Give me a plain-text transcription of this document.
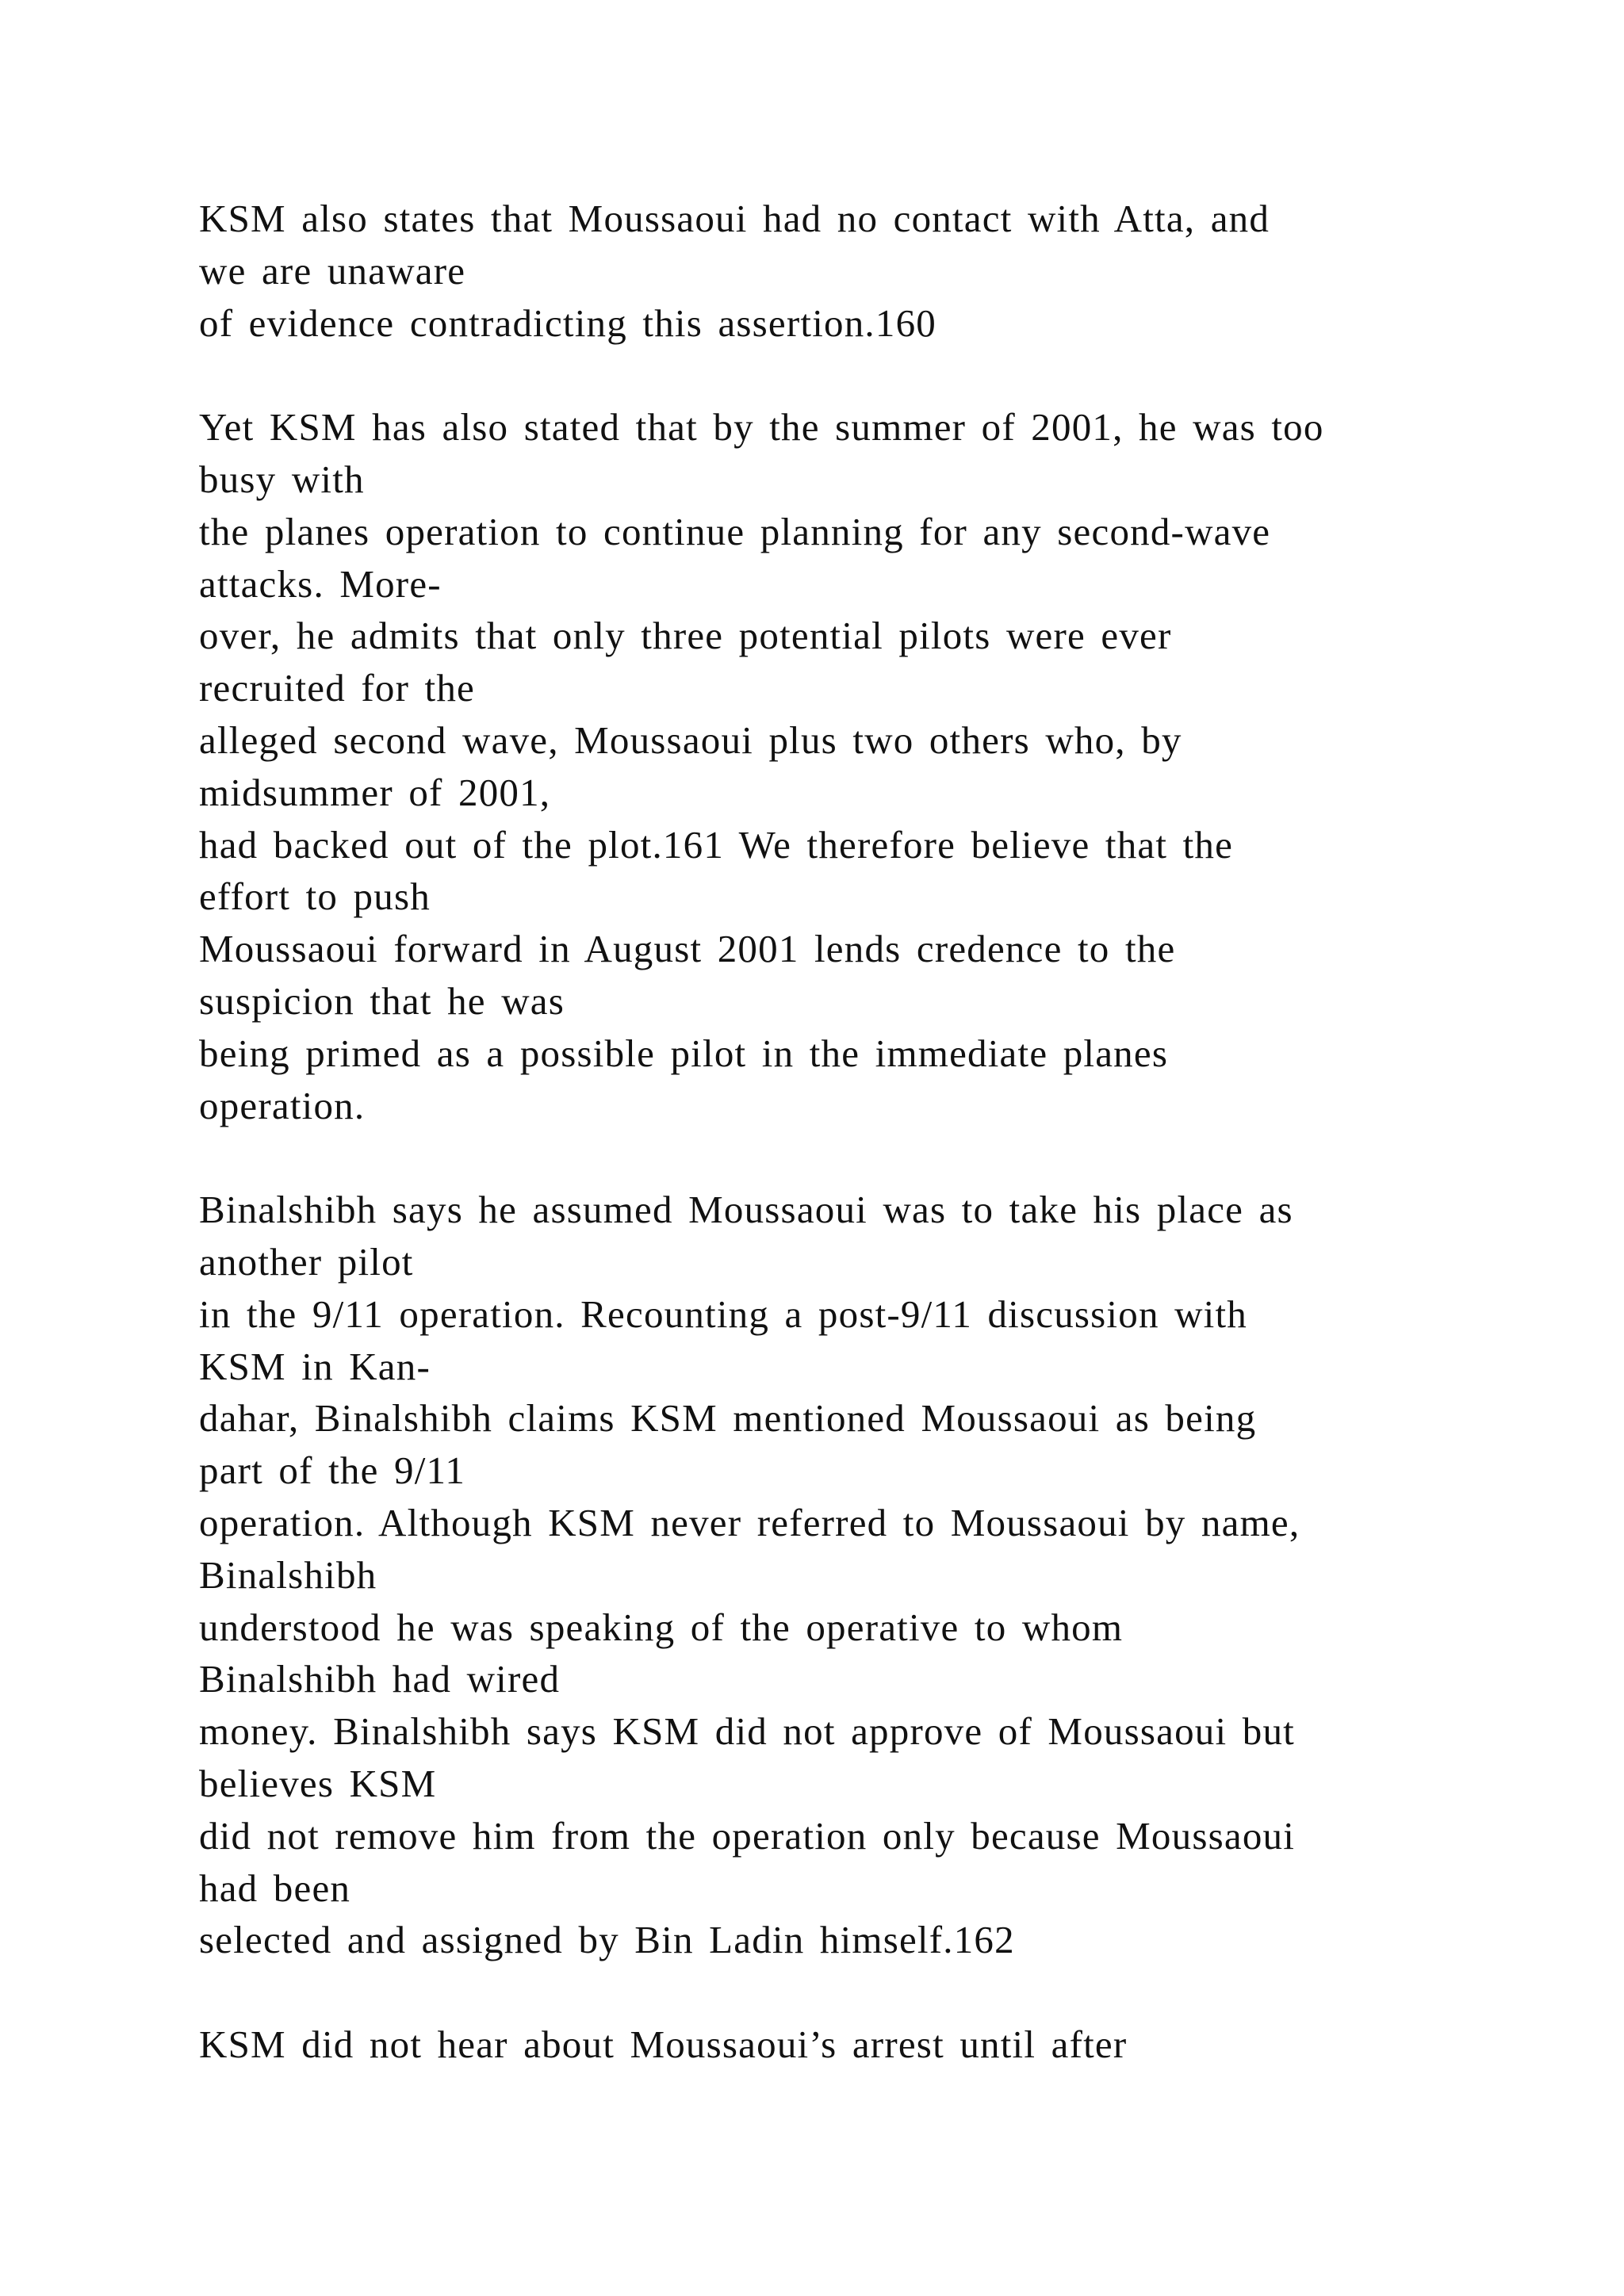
KSM also states that Moussaoui had no contact with Atta, and
we are unaware
of evidence contradicting this assertion.160
Yet KSM has also stated that by the summer of 2001, he was too
busy with
the planes operation to continue planning for any second-wave
attacks. More-
over, he admits that only three potential pilots were ever
recruited for the
alleged second wave, Moussaoui plus two others who, by
midsummer of 2001,
had backed out of the plot.161 We therefore believe that the
effort to push
Moussaoui forward in August 2001 lends credence to the
suspicion that he was
being primed as a possible pilot in the immediate planes
operation.
Binalshibh says he assumed Moussaoui was to take his place as
another pilot
in the 9/11 operation. Recounting a post-9/11 discussion with
KSM in Kan-
dahar, Binalshibh claims KSM mentioned Moussaoui as being
part of the 9/11
operation. Although KSM never referred to Moussaoui by name,
Binalshibh
understood he was speaking of the operative to whom
Binalshibh had wired
money. Binalshibh says KSM did not approve of Moussaoui but
believes KSM
did not remove him from the operation only because Moussaoui
had been
selected and assigned by Bin Ladin himself.162
KSM did not hear about Moussaoui’s arrest until after
